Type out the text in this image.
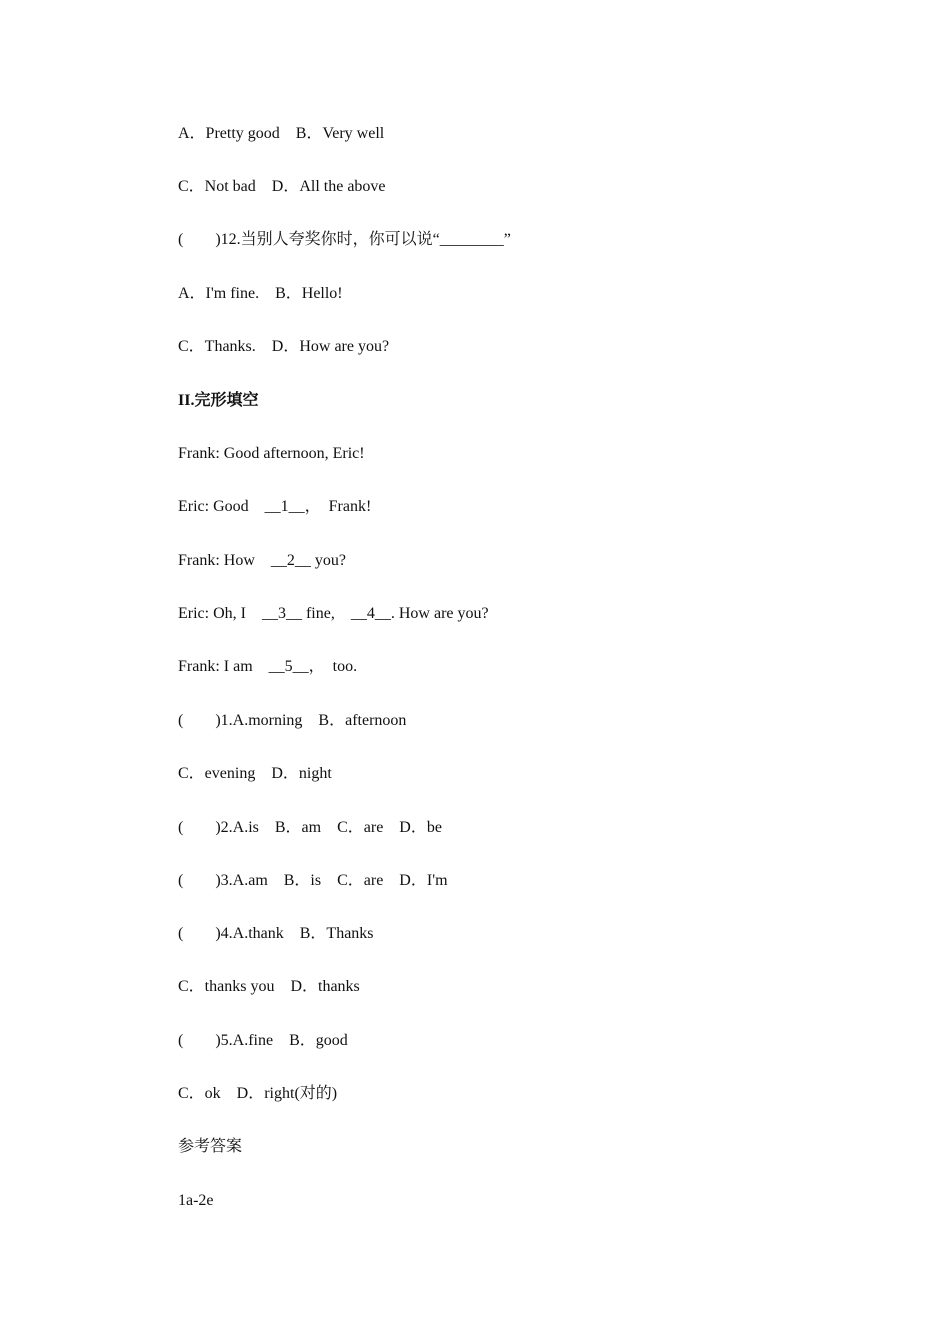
A．Pretty good　B．Very well
C．Not bad　D．All the above
(　　)12.当别人夸奖你时，你可以说“________”
A．I'm fine.　B．Hello!
C．Thanks.　D．How are you?
II.完形填空
Frank: Good afternoon, Eric!
Eric: Good　__1__，　Frank!
Frank: How　__2__ you?
Eric: Oh, I　__3__ fine,　__4__. How are you?
Frank: I am　__5__，　too.
(　　)1.A.morning　B．afternoon
C．evening　D．night
(　　)2.A.is　B．am　C．are　D．be
(　　)3.A.am　B．is　C．are　D．I'm
(　　)4.A.thank　B．Thanks
C．thanks you　D．thanks
(　　)5.A.fine　B．good
C．ok　D．right(对的)
参考答案
1a-2e
